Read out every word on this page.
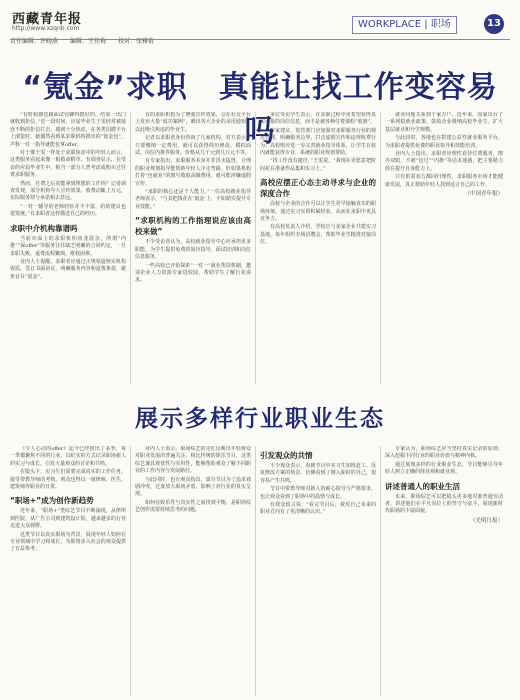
西藏青年报
http://www.xzqnb.com
责任编辑：许晓燕　　编辑：王佳梅　　校对：张雅倩
WORKPLACE | 职场	13
“氪金”求职　真能让找工作变容易吗

“有时候感觉跟面试官聊得挺好的，结果一出门就收到拒信，”近一段时间，应届毕业生王雯经常被接连不断的拒信打击，感到十分焦虑。在各类招聘平台上浏览时，她偶然看到某求职机构推出的“氪金包”，声称一对一指导就能包拿offer。

对于像王雯一样处于求职焦虑中的年轻人而言，这类服务看起来像一根救命稻草。有调查显示，在受访的应届毕业生中，相当一部分人曾考虑或购买过付费求职服务。

然而，付费之后真能拿到理想的工作吗？记者调查发现，部分机构夸大宣传效果，收费动辄上万元，实际服务却与承诺相去甚远。

“一对一辅导的老师经验并不丰富，给的建议也很笼统。”有求职者这样描述自己的经历。

求职中介机构靠谱吗

当前市面上的求职机构鱼龙混杂。所谓“内推”“保offer”等服务往往缺乏明确的合同约定，一旦求职失败，退费流程繁琐，维权困难。

业内人士提醒，求职者应通过正规渠道核实机构资质，签订书面协议，明确服务内容和退费条款，避免盲目“氪金”。

有的求职机构为了增强宣传效果，会在社交平台上发布大量“成功案例”，晒出各大企业的录用通知，以此吸引焦虑的毕业生。

记者以求职者身份咨询了几家机构，对方表示，只要缴纳一定费用，就可以获得简历修改、模拟面试、岗位内推等服务，价格从几千元到几万元不等。

有专家指出，求职服务本身并非洪水猛兽，合理的职业规划指导能帮助年轻人少走弯路。但如果机构打着“包就业”的旗号收取高额费用，就可能涉嫌虚假宣传。

“求职的核心还是个人能力，”一位高校就业指导老师表示，“与其把钱花在‘氪金’上，不如踏实提升专业技能。”

“求职机构的工作指理说应该由高校来做”

不少受访者认为，高校就业指导中心应承担更多职能，为学生提供免费的简历指导、面试培训和岗位信息服务。

一些高校已开始探索“一对一”就业帮扶机制，邀请企业人力资源专家进校园，帮助学生了解行业需求。

多位受访学生表示，在求职过程中更希望获得真实可靠的岗位信息，而不是被各种付费课程“收割”。

专家建议，监管部门应加强对求职服务行业的规范管理，明确服务边界，打击虚假宣传和违规收费行为；高校则应进一步完善就业指导体系，让学生在校内就能获得专业、系统的职业规划帮助。

“找工作没有捷径，”王雯说，“我现在更愿意把时间花在准备作品集和实习上。”

高校应摆正心态主动寻求与企业的深度合作

高校与企业的合作可以让学生更早接触真实的职场环境，通过实习实训积累经验，从而在求职中更具竞争力。

有高校负责人介绍，学校正与多家企业共建实习基地，每年组织专场招聘会，帮助毕业生精准对接岗位。

就业问题关系到千家万户。近年来，国家出台了一系列稳就业政策，鼓励企业吸纳高校毕业生，扩大基层就业和升学规模。

与此同时，各地也在搭建公益性就业服务平台，为求职者提供免费的职业指导和技能培训。

业内人士指出，求职者应理性看待付费服务，擦亮双眼，不被“包过”“内推”等话术迷惑，把主要精力放在提升自身能力上。

只有供需双方都回归理性，求职服务市场才能健康发展，真正帮助年轻人找到适合自己的工作。

（中国青年报）
展示多样行业职业生态

《令人心动的offer》迄今已经推出了多季，每一季都聚焦不同的行业，以纪实的方式记录职场新人的实习与成长，引发大量观众的讨论和共鸣。

在镜头下，实习生们需要完成真实的工作任务，接受带教导师的考核，观众也得以一窥律师、医生、建筑师等职业的日常。

“职场+”成为创作新趋势

近年来，“职场+”类综艺节目不断涌现，从律所到医院，从广告公司到建筑设计院，越来越多的行业走进大众视野。

这类节目以真实职场为背景，展现年轻人如何在专业领域中学习和成长，为即将步入社会的观众提供了有益参考。

业内人士表示，职场综艺的走红反映出年轻观众对职业发展的普遍关注。相比传统的娱乐节目，这类综艺兼具观赏性与实用性，能够帮助观众了解不同职业的工作内容与发展路径。

与此同时，也有观众指出，部分节目为了追求戏剧冲突，过度放大职场矛盾，影响了对行业的真实呈现。

如何在娱乐性与真实性之间找到平衡，是职场综艺创作需要持续思考的问题。

引发观众的共情

不少观众表示，看到节目中实习生加班赶工、反复修改方案的场景，仿佛看到了刚入职时的自己，很容易产生共鸣。

节目中带教导师对新人的耐心指导与严格要求，也让观众看到了职场中的温情与成长。

有观众留言说：“看完节目后，我对自己未来的职业方向有了更清晰的认识。”

专家认为，职场综艺应当坚持真实记录的原则，深入挖掘不同行业的职业价值与精神内核。

通过展现多样的行业职业生态，节目能够引导年轻人树立正确的择业观和就业观。

讲述普通人的职业生活

未来，职场综艺可以把镜头更多地对准普通劳动者，讲述他们在平凡岗位上的坚守与奋斗，展现新时代职场的丰富面貌。

（光明日报）
